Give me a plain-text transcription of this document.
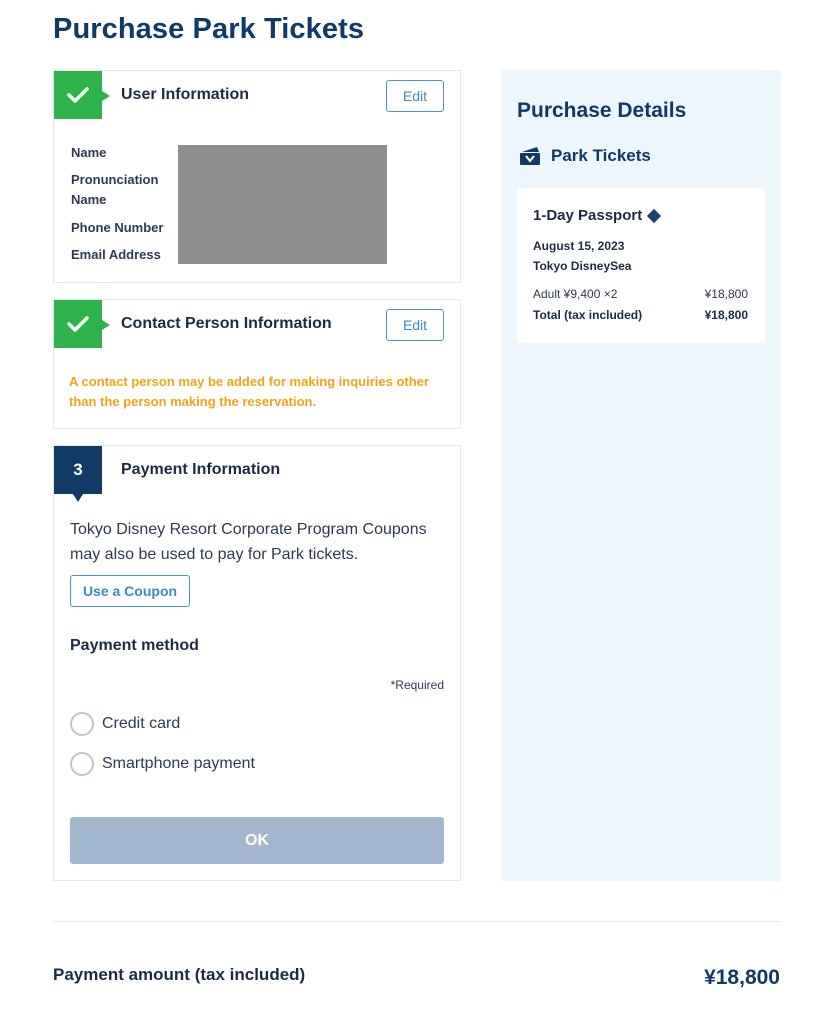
Purchase Park Tickets
User Information	Edit
Name
Pronunciation Name
Phone Number
Email Address
Contact Person Information	Edit
A contact person may be added for making inquiries other than the person making the reservation.
3	Payment Information

Tokyo Disney Resort Corporate Program Coupons may also be used to pay for Park tickets.

Use a Coupon
Payment method
*Required
Credit card
Smartphone payment
OK
Purchase Details
Park Tickets
1-Day Passport
August 15, 2023
Tokyo DisneySea
Adult ¥9,400 ×2	¥18,800
Total (tax included)	¥18,800
Payment amount (tax included)	¥18,800
